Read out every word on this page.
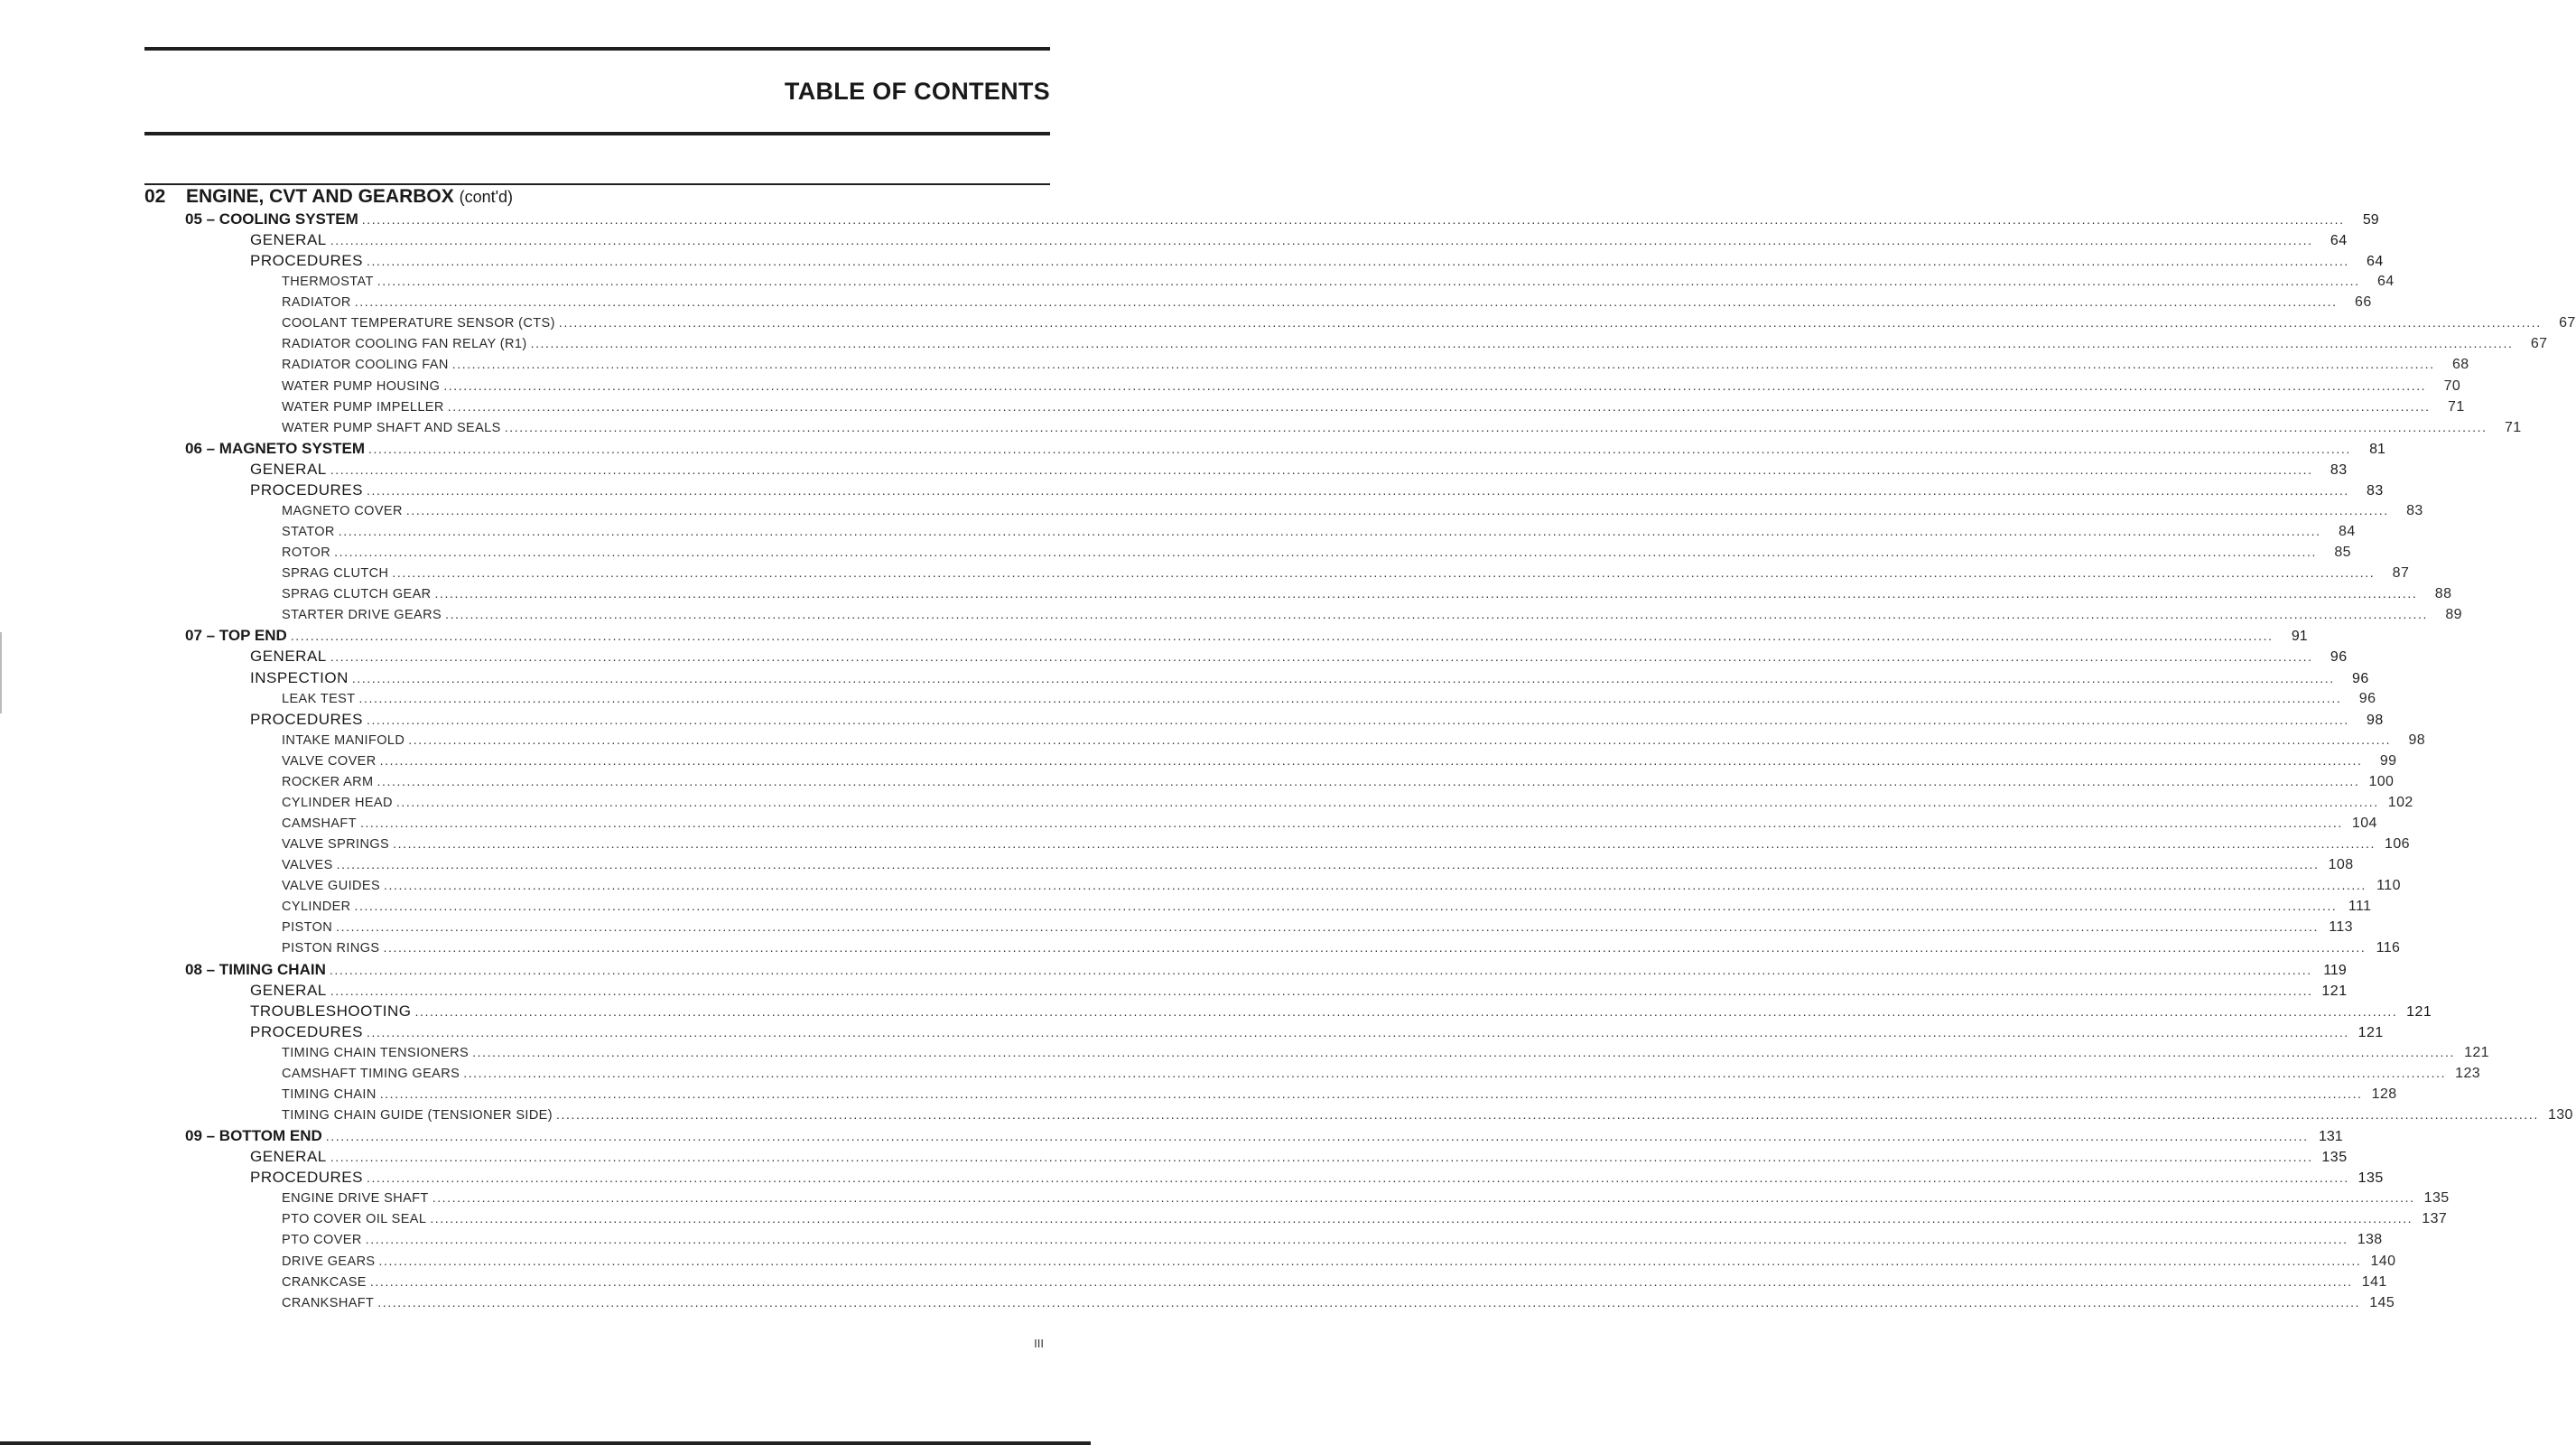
TABLE OF CONTENTS
02 ENGINE, CVT AND GEARBOX (cont'd)
05 – COOLING SYSTEM ................................................................................................................................................................................................................................................................................................................................................................................................................	59
GENERAL ................................................................................................................................................................................................................................................................................................................................................................................................................	64
PROCEDURES ................................................................................................................................................................................................................................................................................................................................................................................................................	64
THERMOSTAT ................................................................................................................................................................................................................................................................................................................................................................................................................	64
RADIATOR ................................................................................................................................................................................................................................................................................................................................................................................................................	66
COOLANT TEMPERATURE SENSOR (CTS) ................................................................................................................................................................................................................................................................................................................................................................................................................	67
RADIATOR COOLING FAN RELAY (R1) ................................................................................................................................................................................................................................................................................................................................................................................................................	67
RADIATOR COOLING FAN ................................................................................................................................................................................................................................................................................................................................................................................................................	68
WATER PUMP HOUSING ................................................................................................................................................................................................................................................................................................................................................................................................................	70
WATER PUMP IMPELLER ................................................................................................................................................................................................................................................................................................................................................................................................................	71
WATER PUMP SHAFT AND SEALS ................................................................................................................................................................................................................................................................................................................................................................................................................	71
06 – MAGNETO SYSTEM ................................................................................................................................................................................................................................................................................................................................................................................................................	81
GENERAL ................................................................................................................................................................................................................................................................................................................................................................................................................	83
PROCEDURES ................................................................................................................................................................................................................................................................................................................................................................................................................	83
MAGNETO COVER ................................................................................................................................................................................................................................................................................................................................................................................................................	83
STATOR ................................................................................................................................................................................................................................................................................................................................................................................................................	84
ROTOR ................................................................................................................................................................................................................................................................................................................................................................................................................	85
SPRAG CLUTCH ................................................................................................................................................................................................................................................................................................................................................................................................................	87
SPRAG CLUTCH GEAR ................................................................................................................................................................................................................................................................................................................................................................................................................	88
STARTER DRIVE GEARS ................................................................................................................................................................................................................................................................................................................................................................................................................	89
07 – TOP END ................................................................................................................................................................................................................................................................................................................................................................................................................	91
GENERAL ................................................................................................................................................................................................................................................................................................................................................................................................................	96
INSPECTION ................................................................................................................................................................................................................................................................................................................................................................................................................	96
LEAK TEST ................................................................................................................................................................................................................................................................................................................................................................................................................	96
PROCEDURES ................................................................................................................................................................................................................................................................................................................................................................................................................	98
INTAKE MANIFOLD ................................................................................................................................................................................................................................................................................................................................................................................................................	98
VALVE COVER ................................................................................................................................................................................................................................................................................................................................................................................................................	99
ROCKER ARM ................................................................................................................................................................................................................................................................................................................................................................................................................ 100
CYLINDER HEAD ................................................................................................................................................................................................................................................................................................................................................................................................................ 102
CAMSHAFT ................................................................................................................................................................................................................................................................................................................................................................................................................ 104
VALVE SPRINGS ................................................................................................................................................................................................................................................................................................................................................................................................................ 106
VALVES ................................................................................................................................................................................................................................................................................................................................................................................................................ 108
VALVE GUIDES ................................................................................................................................................................................................................................................................................................................................................................................................................ 110
CYLINDER ................................................................................................................................................................................................................................................................................................................................................................................................................ 111
PISTON ................................................................................................................................................................................................................................................................................................................................................................................................................ 113
PISTON RINGS ................................................................................................................................................................................................................................................................................................................................................................................................................ 116
08 – TIMING CHAIN ................................................................................................................................................................................................................................................................................................................................................................................................................ 119
GENERAL ................................................................................................................................................................................................................................................................................................................................................................................................................ 121
TROUBLESHOOTING ................................................................................................................................................................................................................................................................................................................................................................................................................ 121
PROCEDURES ................................................................................................................................................................................................................................................................................................................................................................................................................ 121
TIMING CHAIN TENSIONERS ................................................................................................................................................................................................................................................................................................................................................................................................................ 121
CAMSHAFT TIMING GEARS ................................................................................................................................................................................................................................................................................................................................................................................................................ 123
TIMING CHAIN ................................................................................................................................................................................................................................................................................................................................................................................................................ 128
TIMING CHAIN GUIDE (TENSIONER SIDE) ................................................................................................................................................................................................................................................................................................................................................................................................................ 130
09 – BOTTOM END ................................................................................................................................................................................................................................................................................................................................................................................................................ 131
GENERAL ................................................................................................................................................................................................................................................................................................................................................................................................................ 135
PROCEDURES ................................................................................................................................................................................................................................................................................................................................................................................................................ 135
ENGINE DRIVE SHAFT ................................................................................................................................................................................................................................................................................................................................................................................................................ 135
PTO COVER OIL SEAL ................................................................................................................................................................................................................................................................................................................................................................................................................ 137
PTO COVER ................................................................................................................................................................................................................................................................................................................................................................................................................ 138
DRIVE GEARS ................................................................................................................................................................................................................................................................................................................................................................................................................ 140
CRANKCASE ................................................................................................................................................................................................................................................................................................................................................................................................................ 141
CRANKSHAFT ................................................................................................................................................................................................................................................................................................................................................................................................................ 145
III
